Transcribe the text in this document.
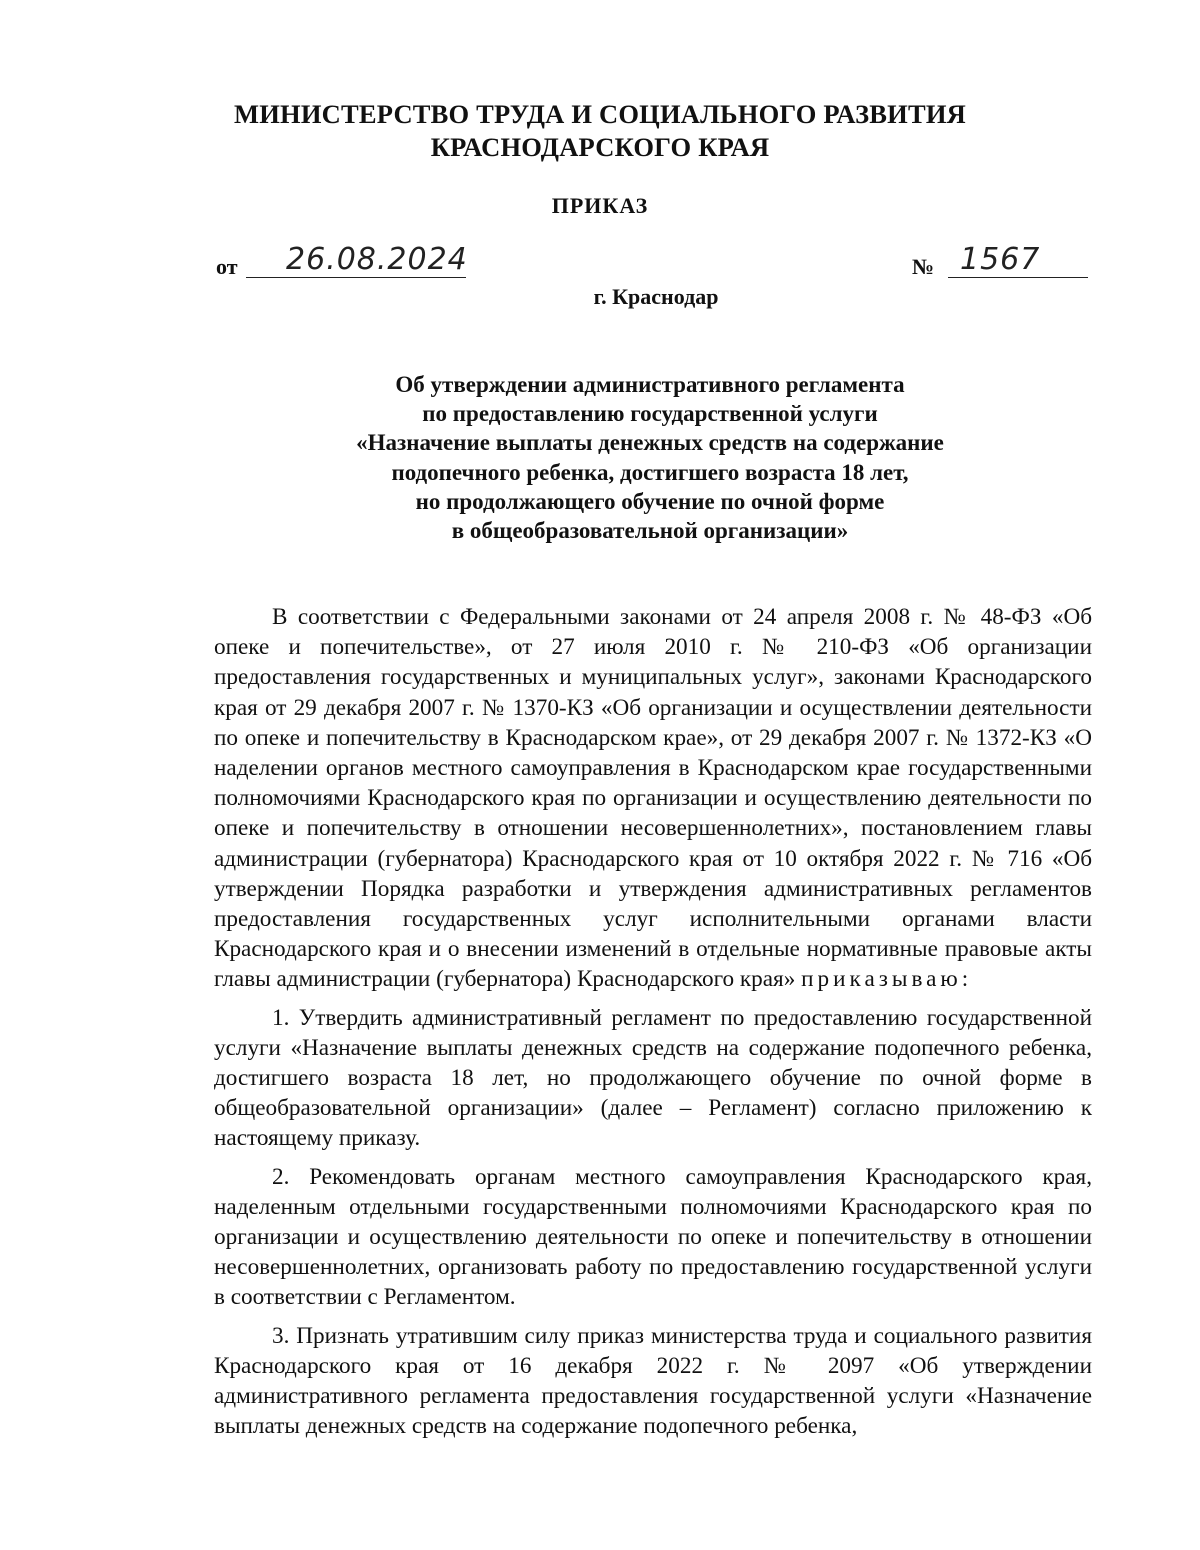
МИНИСТЕРСТВО ТРУДА И СОЦИАЛЬНОГО РАЗВИТИЯ
КРАСНОДАРСКОГО КРАЯ
ПРИКАЗ
от 26.08.2024	№ 1567
г. Краснодар
Об утверждении административного регламента
по предоставлению государственной услуги
«Назначение выплаты денежных средств на содержание
подопечного ребенка, достигшего возраста 18 лет,
но продолжающего обучение по очной форме
в общеобразовательной организации»

В соответствии с Федеральными законами от 24 апреля 2008 г. № 48-ФЗ «Об опеке и попечительстве», от 27 июля 2010 г. № 210-ФЗ «Об организации предоставления государственных и муниципальных услуг», законами Краснодарского края от 29 декабря 2007 г. № 1370-КЗ «Об организации и осуществлении деятельности по опеке и попечительству в Краснодарском крае», от 29 декабря 2007 г. № 1372-КЗ «О наделении органов местного самоуправления в Краснодарском крае государственными полномочиями Краснодарского края по организации и осуществлению деятельности по опеке и попечительству в отношении несовершеннолетних», постановлением главы администрации (губернатора) Краснодарского края от 10 октября 2022 г. № 716 «Об утверждении Порядка разработки и утверждения административных регламентов предоставления государственных услуг исполнительными органами власти Краснодарского края и о внесении изменений в отдельные нормативные правовые акты главы администрации (губернатора) Краснодарского края» приказываю:

1. Утвердить административный регламент по предоставлению государственной услуги «Назначение выплаты денежных средств на содержание подопечного ребенка, достигшего возраста 18 лет, но продолжающего обучение по очной форме в общеобразовательной организации» (далее – Регламент) согласно приложению к настоящему приказу.

2. Рекомендовать органам местного самоуправления Краснодарского края, наделенным отдельными государственными полномочиями Краснодарского края по организации и осуществлению деятельности по опеке и попечительству в отношении несовершеннолетних, организовать работу по предоставлению государственной услуги в соответствии с Регламентом.

3. Признать утратившим силу приказ министерства труда и социального развития Краснодарского края от 16 декабря 2022 г. № 2097 «Об утверждении административного регламента предоставления государственной услуги «Назначение выплаты денежных средств на содержание подопечного ребенка,
